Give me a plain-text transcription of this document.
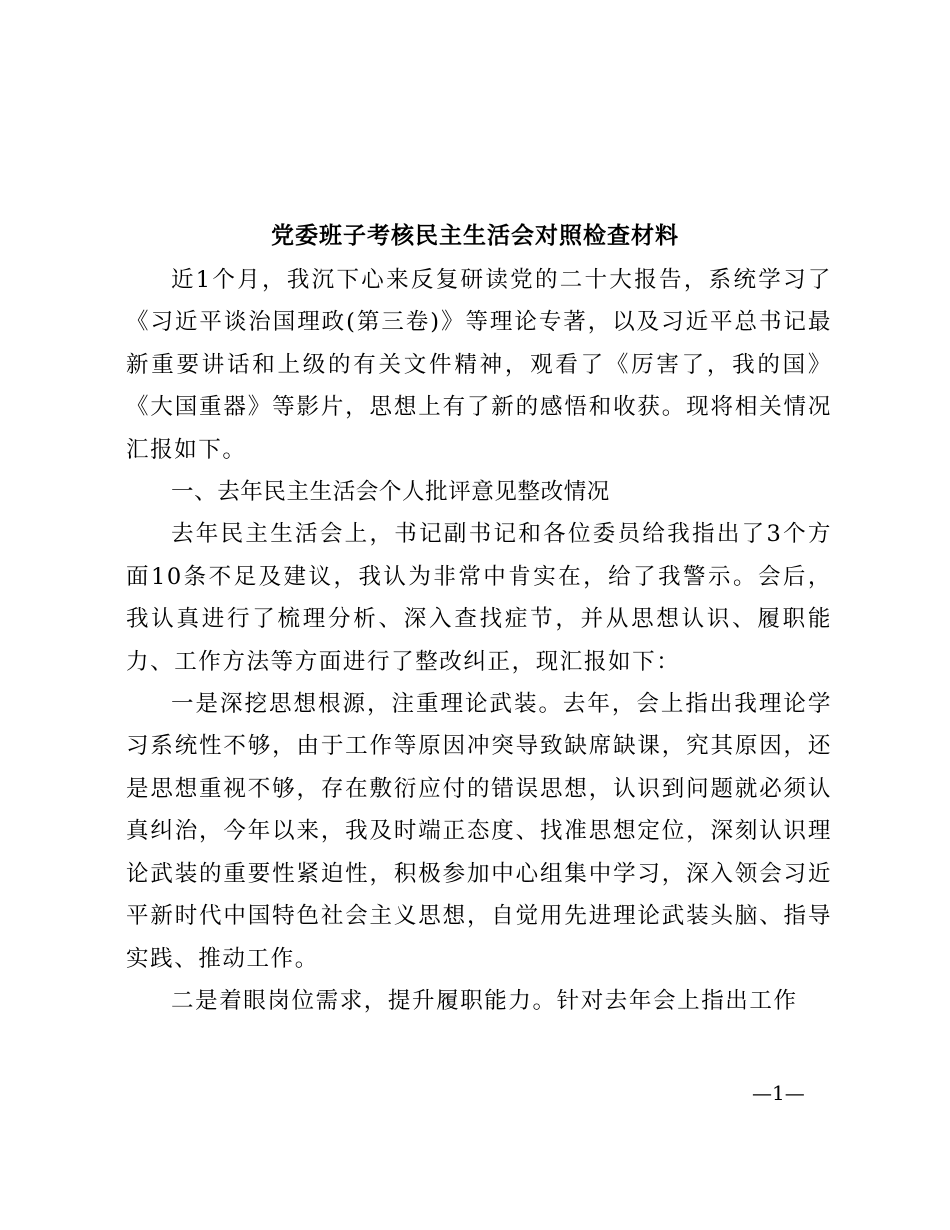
党委班子考核民主生活会对照检查材料

近1个月，我沉下心来反复研读党的二十大报告，系统学习了《习近平谈治国理政(第三卷)》等理论专著，以及习近平总书记最新重要讲话和上级的有关文件精神，观看了《厉害了，我的国》《大国重器》等影片，思想上有了新的感悟和收获。现将相关情况汇报如下。

一、去年民主生活会个人批评意见整改情况

去年民主生活会上，书记副书记和各位委员给我指出了3个方面10条不足及建议，我认为非常中肯实在，给了我警示。会后，我认真进行了梳理分析、深入查找症节，并从思想认识、履职能力、工作方法等方面进行了整改纠正，现汇报如下：

一是深挖思想根源，注重理论武装。去年，会上指出我理论学习系统性不够，由于工作等原因冲突导致缺席缺课，究其原因，还是思想重视不够，存在敷衍应付的错误思想，认识到问题就必须认真纠治，今年以来，我及时端正态度、找准思想定位，深刻认识理论武装的重要性紧迫性，积极参加中心组集中学习，深入领会习近平新时代中国特色社会主义思想，自觉用先进理论武装头脑、指导实践、推动工作。

二是着眼岗位需求，提升履职能力。针对去年会上指出工作

—1—
